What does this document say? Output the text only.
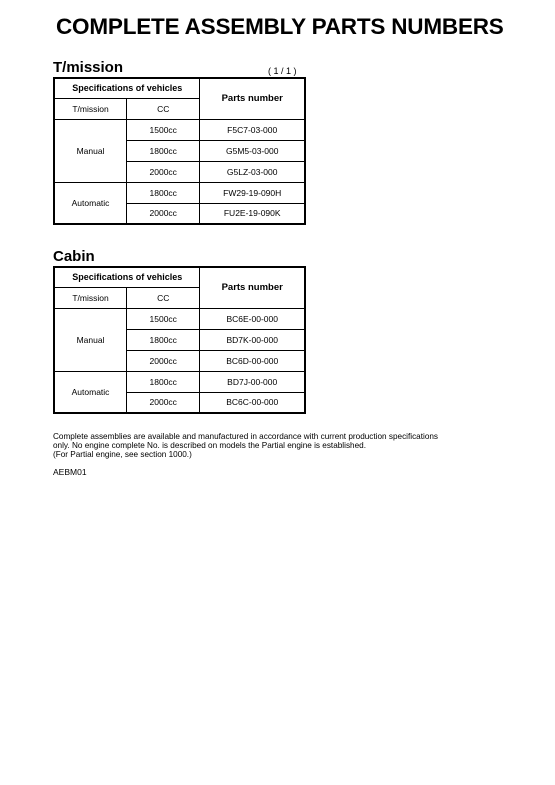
COMPLETE ASSEMBLY PARTS NUMBERS
T/mission	( 1 / 1 )
Specifications of vehicles		Parts number
T/mission	CC	
Manual	1500cc	F5C7-03-000
	1800cc	G5M5-03-000
	2000cc	G5LZ-03-000
Automatic	1800cc	FW29-19-090H
	2000cc	FU2E-19-090K
Cabin
Specifications of vehicles		Parts number
T/mission	CC	
Manual	1500cc	BC6E-00-000
	1800cc	BD7K-00-000
	2000cc	BC6D-00-000
Automatic	1800cc	BD7J-00-000
	2000cc	BC6C-00-000
Complete assemblies are available and manufactured in accordance with current production specifications
only. No engine complete No. is described on models the Partial engine is established.
(For Partial engine, see section 1000.)
AEBM01
